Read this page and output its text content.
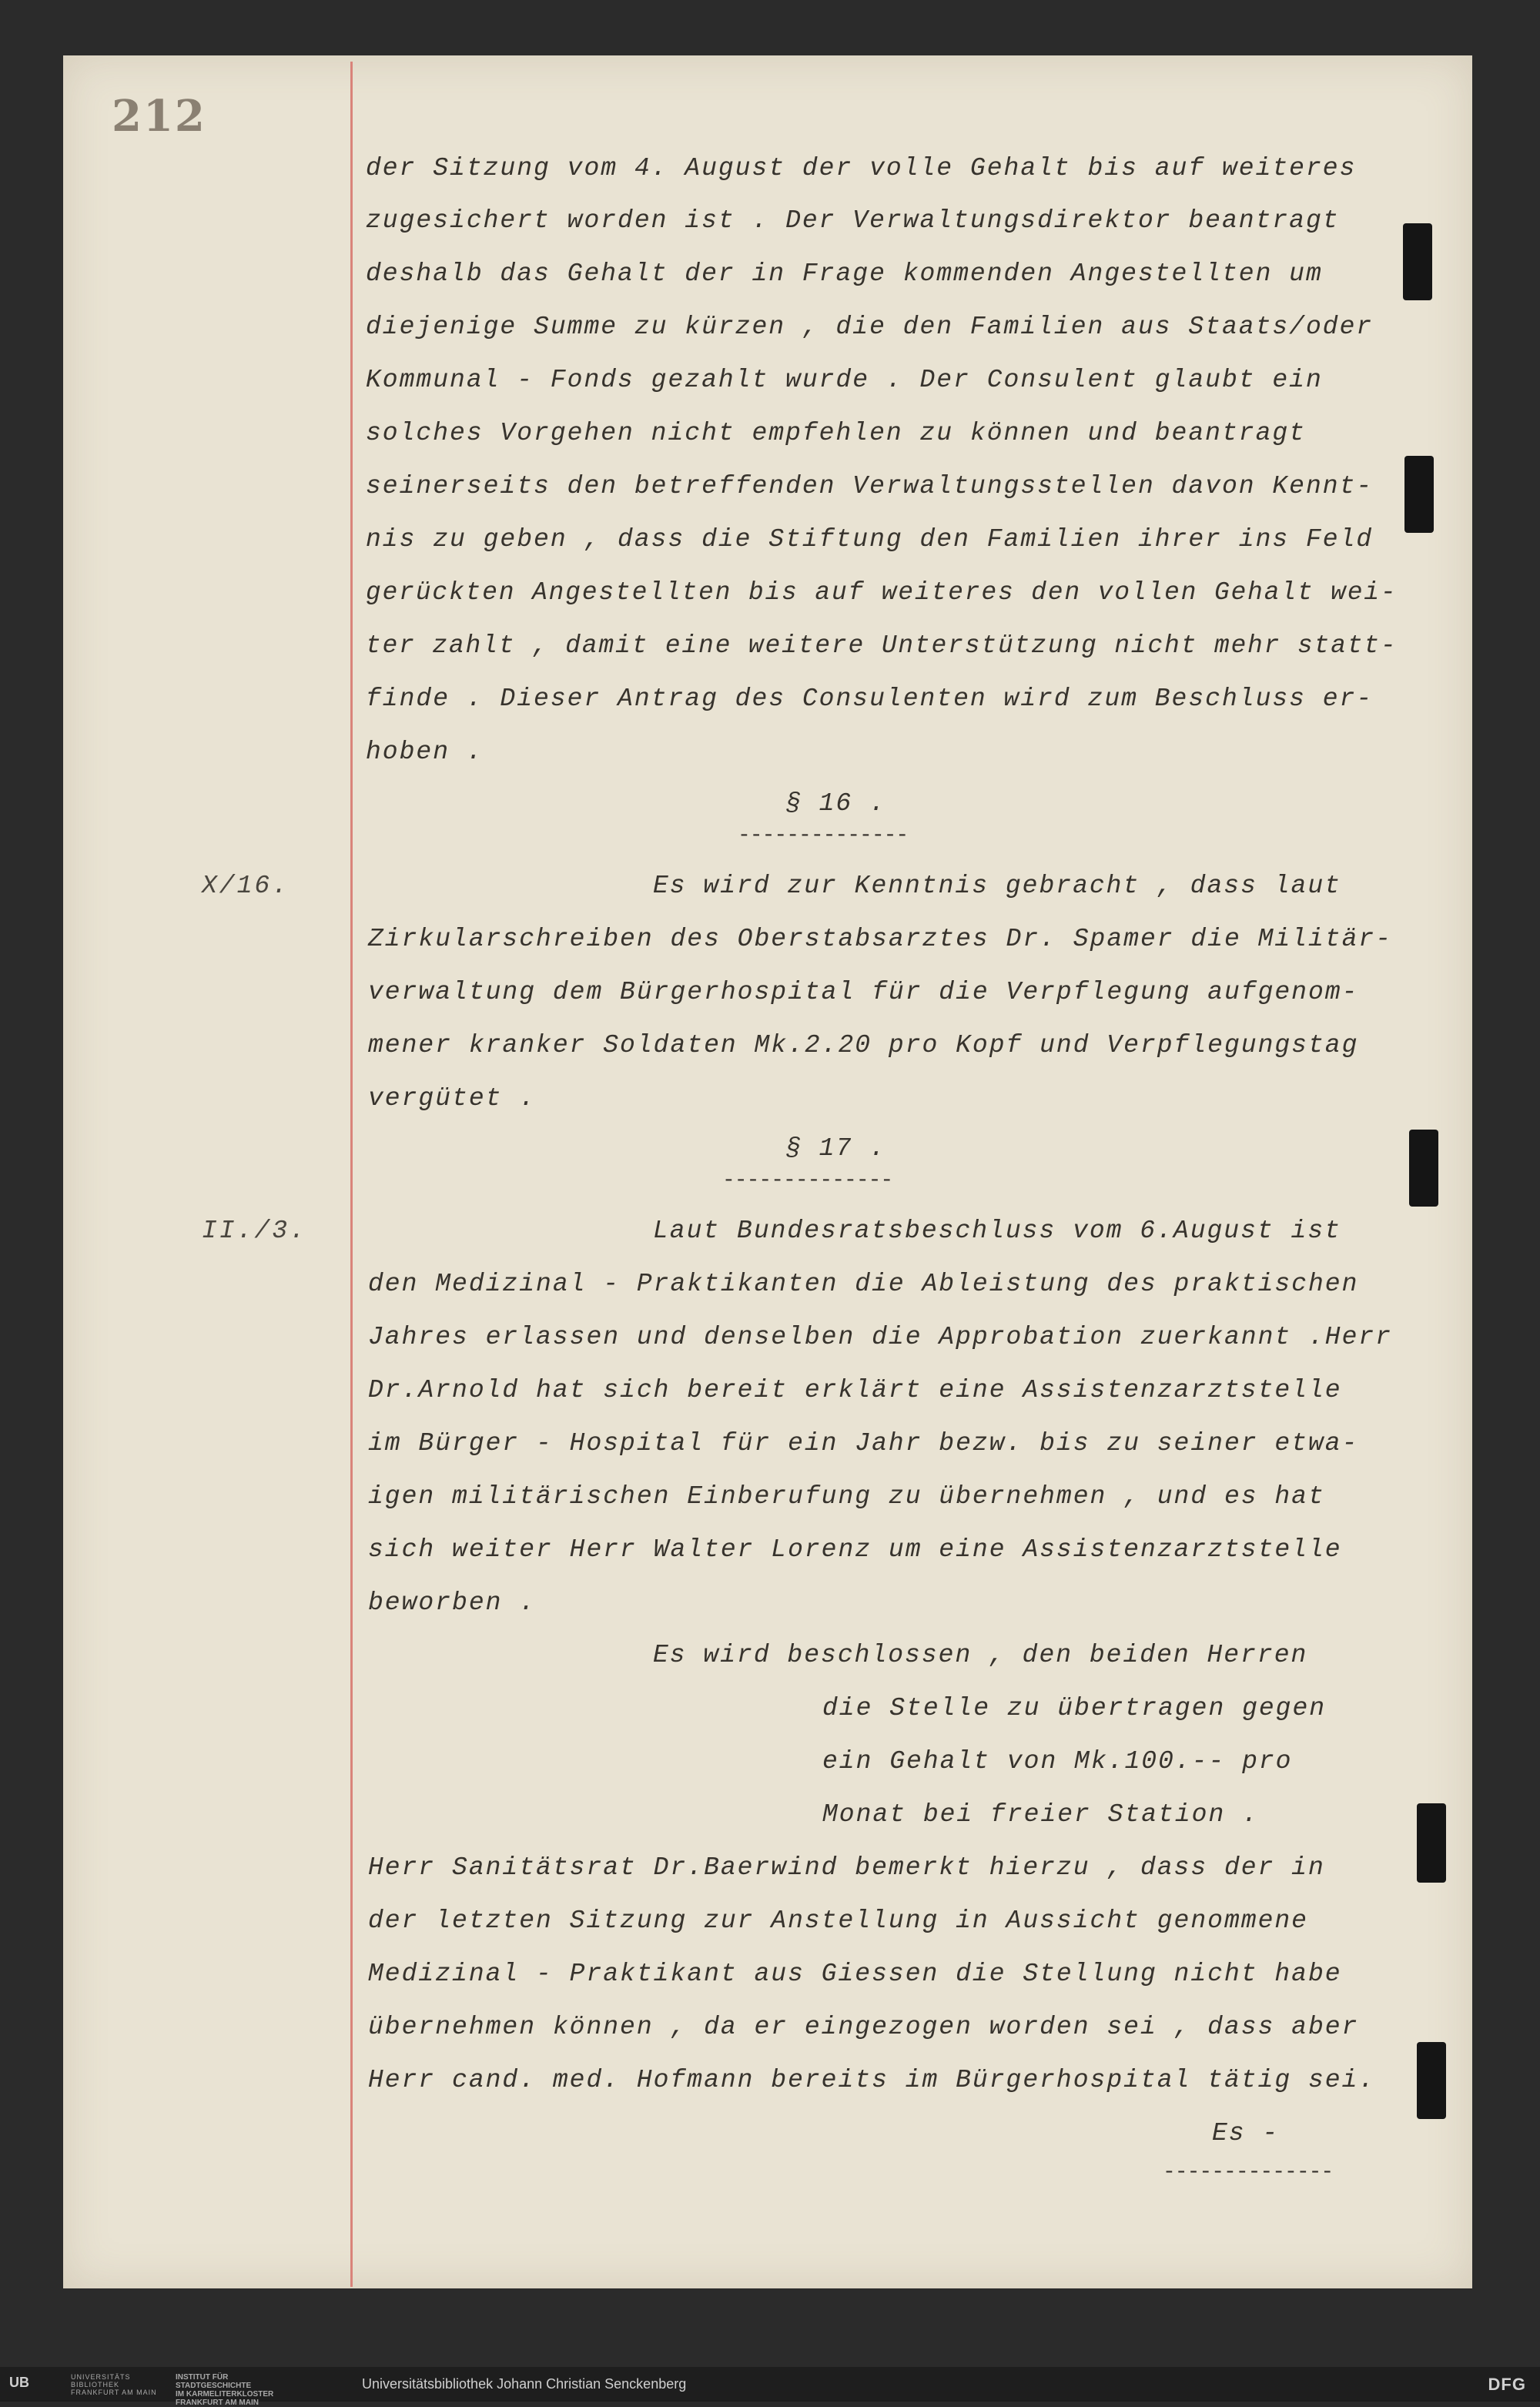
212
der Sitzung vom 4. August der volle Gehalt bis auf weiteres
zugesichert worden ist . Der Verwaltungsdirektor beantragt
deshalb das Gehalt der in Frage kommenden Angestellten um
diejenige Summe zu kürzen , die den Familien aus Staats/oder
Kommunal - Fonds gezahlt wurde . Der Consulent glaubt ein
solches Vorgehen nicht empfehlen zu können und beantragt
seinerseits den betreffenden Verwaltungsstellen davon Kennt-
nis zu geben , dass die Stiftung den Familien ihrer ins Feld
gerückten Angestellten bis auf weiteres den vollen Gehalt wei-
ter zahlt , damit eine weitere Unterstützung nicht mehr statt-
finde . Dieser Antrag des Consulenten wird zum Beschluss er-
hoben .
Es wird zur Kenntnis gebracht , dass laut
Zirkularschreiben des Oberstabsarztes Dr. Spamer die Militär-
verwaltung dem Bürgerhospital für die Verpflegung aufgenom-
mener kranker Soldaten Mk.2.20 pro Kopf und Verpflegungstag
vergütet .
Laut Bundesratsbeschluss vom 6.August ist
den Medizinal - Praktikanten die Ableistung des praktischen
Jahres erlassen und denselben die Approbation zuerkannt .Herr
Dr.Arnold hat sich bereit erklärt eine Assistenzarztstelle
im Bürger - Hospital für ein Jahr bezw. bis zu seiner etwa-
igen militärischen Einberufung zu übernehmen , und es hat
sich weiter Herr Walter Lorenz um eine Assistenzarztstelle
beworben .
Es wird beschlossen , den beiden Herren
die Stelle zu übertragen gegen
ein Gehalt von Mk.100.-- pro
Monat bei freier Station .
Herr Sanitätsrat Dr.Baerwind bemerkt hierzu , dass der in
der letzten Sitzung zur Anstellung in Aussicht genommene
Medizinal - Praktikant aus Giessen die Stellung nicht habe
übernehmen können , da er eingezogen worden sei , dass aber
Herr cand. med. Hofmann bereits im Bürgerhospital tätig sei.
Es -
§ 16 .
--------------
X/16.
§ 17 .
--------------
II./3.
--------------
UB	UNIVERSITÄTS
BIBLIOTHEK
FRANKFURT AM MAIN
INSTITUT FÜR
STADTGESCHICHTE
IM KARMELITERKLOSTER
FRANKFURT AM MAIN
Universitätsbibliothek Johann Christian Senckenberg	DFG
